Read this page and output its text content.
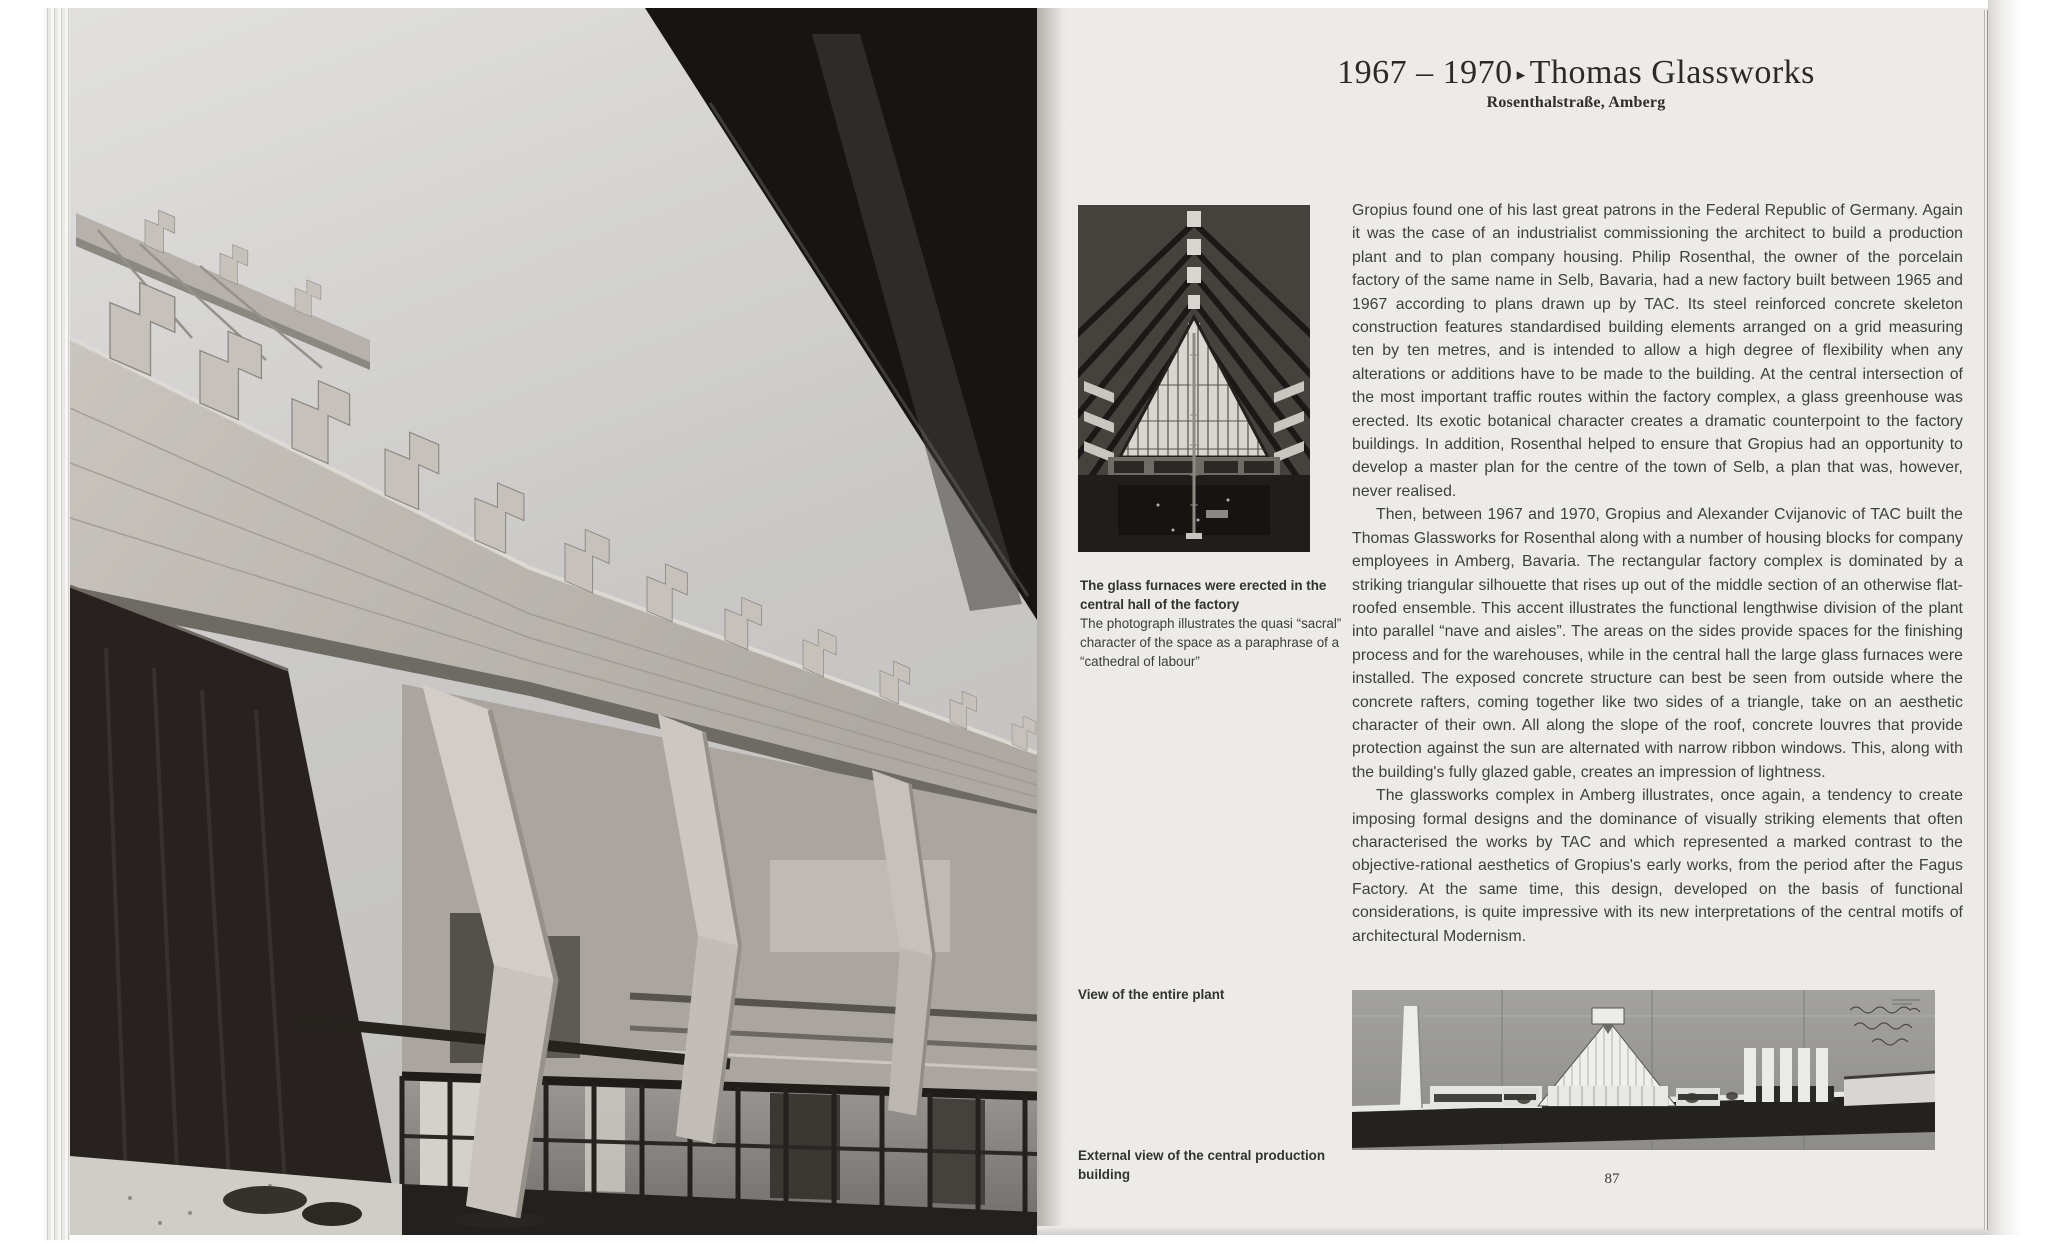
1967 – 1970 ▸ Thomas Glassworks
Rosenthalstraße, Amberg
The glass furnaces were erected in the central hall of the factory
The photograph illustrates the quasi “sacral” character of the space as a paraphrase of a “cathedral of labour”
View of the entire plant
External view of the central production building

Gropius found one of his last great patrons in the Federal Republic of Germany. Again it was the case of an industrialist commissioning the architect to build a production plant and to plan company housing. Philip Rosenthal, the owner of the porcelain factory of the same name in Selb, Bavaria, had a new factory built between 1965 and 1967 according to plans drawn up by TAC. Its steel reinforced concrete skeleton construction features standardised building elements arranged on a grid measuring ten by ten metres, and is intended to allow a high degree of flexibility when any alterations or additions have to be made to the building. At the central intersection of the most important traffic routes within the factory complex, a glass greenhouse was erected. Its exotic botanical character creates a dramatic counterpoint to the factory buildings. In addition, Rosenthal helped to ensure that Gropius had an opportunity to develop a master plan for the centre of the town of Selb, a plan that was, however, never realised.

Then, between 1967 and 1970, Gropius and Alexander Cvijanovic of TAC built the Thomas Glassworks for Rosenthal along with a number of housing blocks for company employees in Amberg, Bavaria. The rectangular factory complex is dominated by a striking triangular silhouette that rises up out of the middle section of an otherwise flat-roofed ensemble. This accent illustrates the functional lengthwise division of the plant into parallel “nave and aisles”. The areas on the sides provide spaces for the finishing process and for the warehouses, while in the central hall the large glass furnaces were installed. The exposed concrete structure can best be seen from outside where the concrete rafters, coming together like two sides of a triangle, take on an aesthetic character of their own. All along the slope of the roof, concrete louvres that provide protection against the sun are alternated with narrow ribbon windows. This, along with the building's fully glazed gable, creates an impression of lightness.

The glassworks complex in Amberg illustrates, once again, a tendency to create imposing formal designs and the dominance of visually striking elements that often characterised the works by TAC and which represented a marked contrast to the objective-rational aesthetics of Gropius's early works, from the period after the Fagus Factory. At the same time, this design, developed on the basis of functional considerations, is quite impressive with its new interpretations of the central motifs of architectural Modernism.

87
